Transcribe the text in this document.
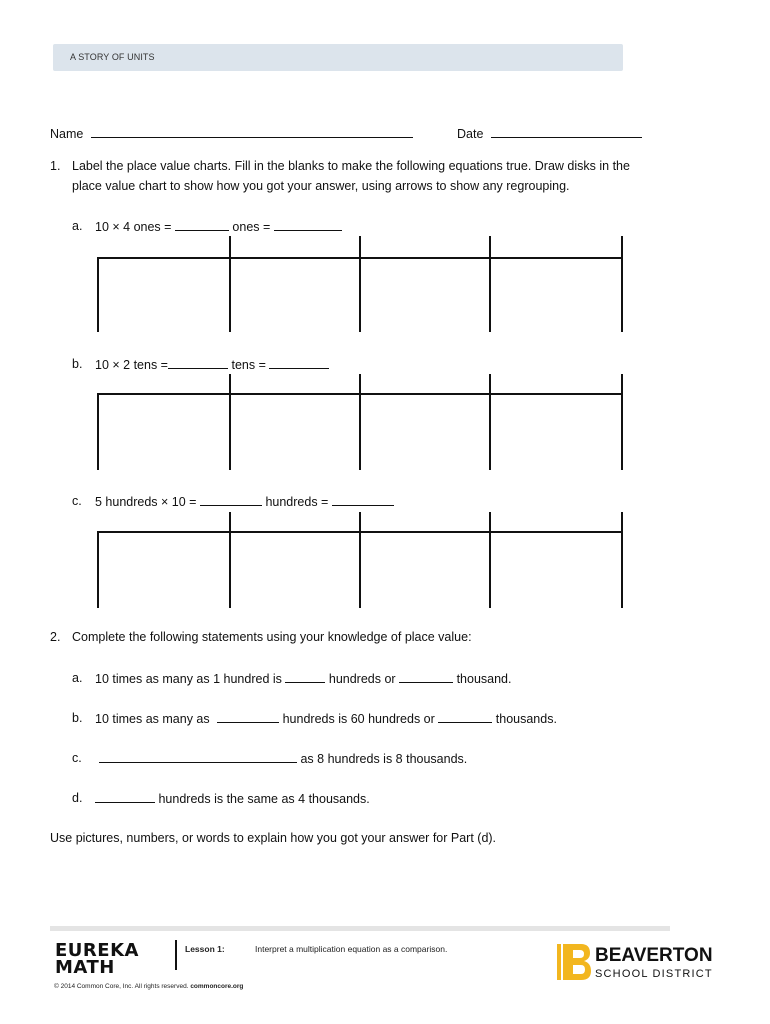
A STORY OF UNITS
Name	Date
1. Label the place value charts. Fill in the blanks to make the following equations true. Draw disks in the
place value chart to show how you got your answer, using arrows to show any regrouping.
a. 10 × 4 ones =	ones =
b. 10 × 2 tens =	tens =
c. 5 hundreds × 10 =	hundreds =
2. Complete the following statements using your knowledge of place value:
a. 10 times as many as 1 hundred is	hundreds or	thousand.
b. 10 times as many as	hundreds is 60 hundreds or	thousands.
c.	as 8 hundreds is 8 thousands.
d.	hundreds is the same as 4 thousands.
Use pictures, numbers, or words to explain how you got your answer for Part (d).
EUREKA
MATH
Lesson 1:	Interpret a multiplication equation as a comparison.
© 2014 Common Core, Inc. All rights reserved. commoncore.org
BEAVERTON
SCHOOL DISTRICT
